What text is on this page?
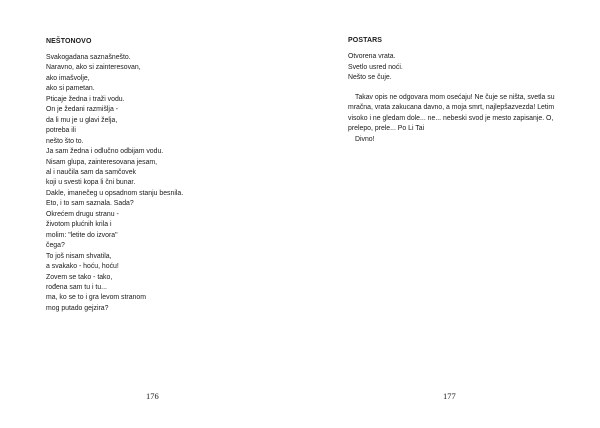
NEŠTONOVO
Svakogadana saznašnešto.
Naravno, ako si zainteresovan,
ako imašvolje,
ako si pametan.
Pticaje žedna i traži vodu.
On je žedani razmišlja -
da li mu je u glavi želja,
potreba ili
nešto što to.
Ja sam žedna i odlučno odbijam vodu.
Nisam glupa, zainteresovana jesam,
al i naučila sam da samčovek
koji u svesti kopa li čni bunar.
Dakle, imanečeg u opsadnom stanju besnila.
Eto, i to sam saznala. Sada?
Okrećem drugu stranu -
životom plućnih krila i
molim: "letite do izvora"
čega?
To još nisam shvatila,
a svakako - hoću, hoću!
Zovem se tako - tako,
rođena sam tu i tu...
ma, ko se to i gra levom stranom
mog putado gejzira?
176
POSTARS
Otvorena vrata.
Svetlo usred noći.
Nešto se čuje.
Takav opis ne odgovara mom osećaju! Ne čuje se ništa, svetla su
mračna, vrata zakucana davno, a moja smrt, najlepšazvezda! Letim
visoko i ne gledam dole... ne... nebeski svod je mesto zapisanje. O,
prelepo, prele... Po Li Tai
Divno!
177
